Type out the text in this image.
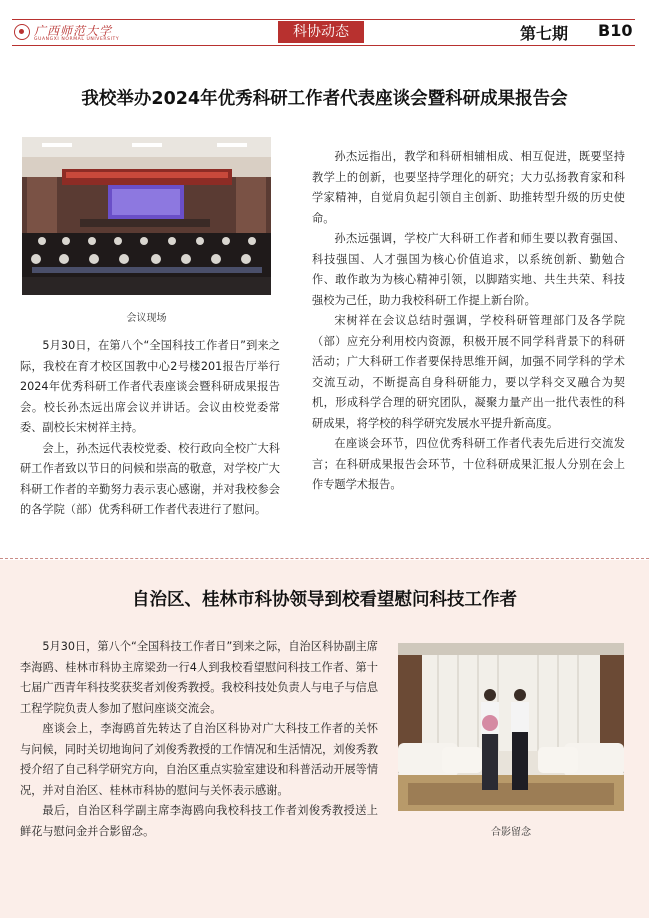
广西师范大学
GUANGXI NORMAL UNIVERSITY	科协动态	第七期 B10
我校举办2024年优秀科研工作者代表座谈会暨科研成果报告会
会议现场

5月30日，在第八个“全国科技工作者日”到来之际，我校在育才校区国教中心2号楼201报告厅举行2024年优秀科研工作者代表座谈会暨科研成果报告会。校长孙杰远出席会议并讲话。会议由校党委常委、副校长宋树祥主持。

会上，孙杰远代表校党委、校行政向全校广大科研工作者致以节日的问候和崇高的敬意，对学校广大科研工作者的辛勤努力表示衷心感谢，并对我校参会的各学院（部）优秀科研工作者代表进行了慰问。

孙杰远指出，教学和科研相辅相成、相互促进，既要坚持教学上的创新，也要坚持学理化的研究；大力弘扬教育家和科学家精神，自觉肩负起引领自主创新、助推转型升级的历史使命。

孙杰远强调，学校广大科研工作者和师生要以教育强国、科技强国、人才强国为核心价值追求，以系统创新、勤勉合作、敢作敢为为核心精神引领，以脚踏实地、共生共荣、科技强校为己任，助力我校科研工作提上新台阶。

宋树祥在会议总结时强调，学校科研管理部门及各学院（部）应充分利用校内资源，积极开展不同学科背景下的科研活动；广大科研工作者要保持思维开阔，加强不同学科的学术交流互动，不断提高自身科研能力，要以学科交叉融合为契机，形成科学合理的研究团队，凝聚力量产出一批代表性的科研成果，将学校的科学研究发展水平提升新高度。

在座谈会环节，四位优秀科研工作者代表先后进行交流发言；在科研成果报告会环节，十位科研成果汇报人分别在会上作专题学术报告。

自治区、桂林市科协领导到校看望慰问科技工作者

5月30日，第八个“全国科技工作者日”到来之际，自治区科协副主席李海鸥、桂林市科协主席梁劲一行4人到我校看望慰问科技工作者、第十七届广西青年科技奖获奖者刘俊秀教授。我校科技处负责人与电子与信息工程学院负责人参加了慰问座谈交流会。

座谈会上，李海鸥首先转达了自治区科协对广大科技工作者的关怀与问候，同时关切地询问了刘俊秀教授的工作情况和生活情况，刘俊秀教授介绍了自己科学研究方向，自治区重点实验室建设和科普活动开展等情况，并对自治区、桂林市科协的慰问与关怀表示感谢。

最后，自治区科学副主席李海鸥向我校科技工作者刘俊秀教授送上鲜花与慰问金并合影留念。	合影留念
